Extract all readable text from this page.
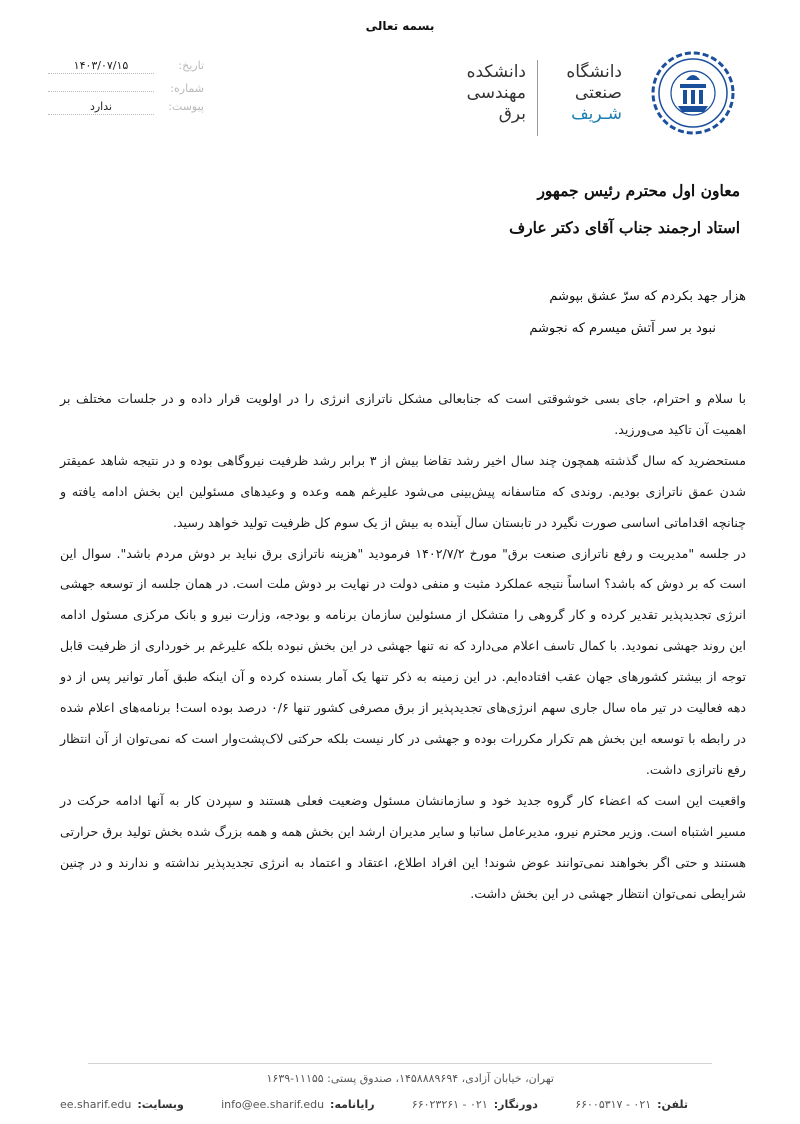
بسمه تعالی
دانشگاه
صنعتی
شـریف
دانشکده
مهندسی
برق
تاریخ:
۱۴۰۳/۰۷/۱۵
شماره:
پیوست:
ندارد
معاون اول محترم رئیس جمهور
استاد ارجمند جناب آقای دکتر عارف
هزار جهد بکردم که سرّ عشق بپوشم
نبود بر سر آتش میسرم که نجوشم

با سلام و احترام، جای بسی خوشوقتی است که جنابعالی مشکل ناترازی انرژی را در اولویت قرار داده و در جلسات مختلف بر اهمیت آن تاکید می‌ورزید.

مستحضرید که سال گذشته همچون چند سال اخیر رشد تقاضا بیش از ۳ برابر رشد ظرفیت نیروگاهی بوده و در نتیجه شاهد عمیقتر شدن عمق ناترازی بودیم. روندی که متاسفانه پیش‌بینی می‌شود علیرغم همه وعده و وعیدهای مسئولین این بخش ادامه یافته و چنانچه اقداماتی اساسی صورت نگیرد در تابستان سال آینده به بیش از یک سوم کل ظرفیت تولید خواهد رسید.

در جلسه "مدیریت و رفع ناترازی صنعت برق" مورخ ۱۴۰۲/۷/۲ فرمودید "هزینه ناترازی برق نباید بر دوش مردم باشد". سوال این است که بر دوش که باشد؟ اساساً نتیجه عملکرد مثبت و منفی دولت در نهایت بر دوش ملت است. در همان جلسه از توسعه جهشی انرژی تجدیدپذیر تقدیر کرده و کار گروهی را متشکل از مسئولین سازمان برنامه و بودجه، وزارت نیرو و بانک مرکزی مسئول ادامه این روند جهشی نمودید. با کمال تاسف اعلام می‌دارد که نه تنها جهشی در این بخش نبوده بلکه علیرغم بر خورداری از ظرفیت قابل توجه از بیشتر کشورهای جهان عقب افتاده‌ایم. در این زمینه به ذکر تنها یک آمار بسنده کرده و آن اینکه طبق آمار توانیر پس از دو دهه فعالیت در تیر ماه سال جاری سهم انرژی‌های تجدیدپذیر از برق مصرفی کشور تنها ۰/۶ درصد بوده است! برنامه‌های اعلام شده در رابطه با توسعه این بخش هم تکرار مکررات بوده و جهشی در کار نیست بلکه حرکتی لاک‌پشت‌وار است که نمی‌توان از آن انتظار رفع ناترازی داشت.

واقعیت این است که اعضاء کار گروه جدید خود و سازمانشان مسئول وضعیت فعلی هستند و سپردن کار به آنها ادامه حرکت در مسیر اشتباه است. وزیر محترم نیرو، مدیرعامل ساتبا و سایر مدیران ارشد این بخش همه و همه بزرگ شده بخش تولید برق حرارتی هستند و حتی اگر بخواهند نمی‌توانند عوض شوند! این افراد اطلاع، اعتقاد و اعتماد به انرژی تجدیدپذیر نداشته و ندارند و در چنین شرایطی نمی‌توان انتظار جهشی در این بخش داشت.

تهران، خیابان آزادی، ۱۴۵۸۸۸۹۶۹۴، صندوق پستی: ۱۱۱۵۵-۱۶۳۹
تلفن:
۰۲۱ - ۶۶۰۰۵۳۱۷
دورنگار:
۰۲۱ - ۶۶۰۲۳۲۶۱
رایانامه:
info@ee.sharif.edu
وبسایت:
ee.sharif.edu
